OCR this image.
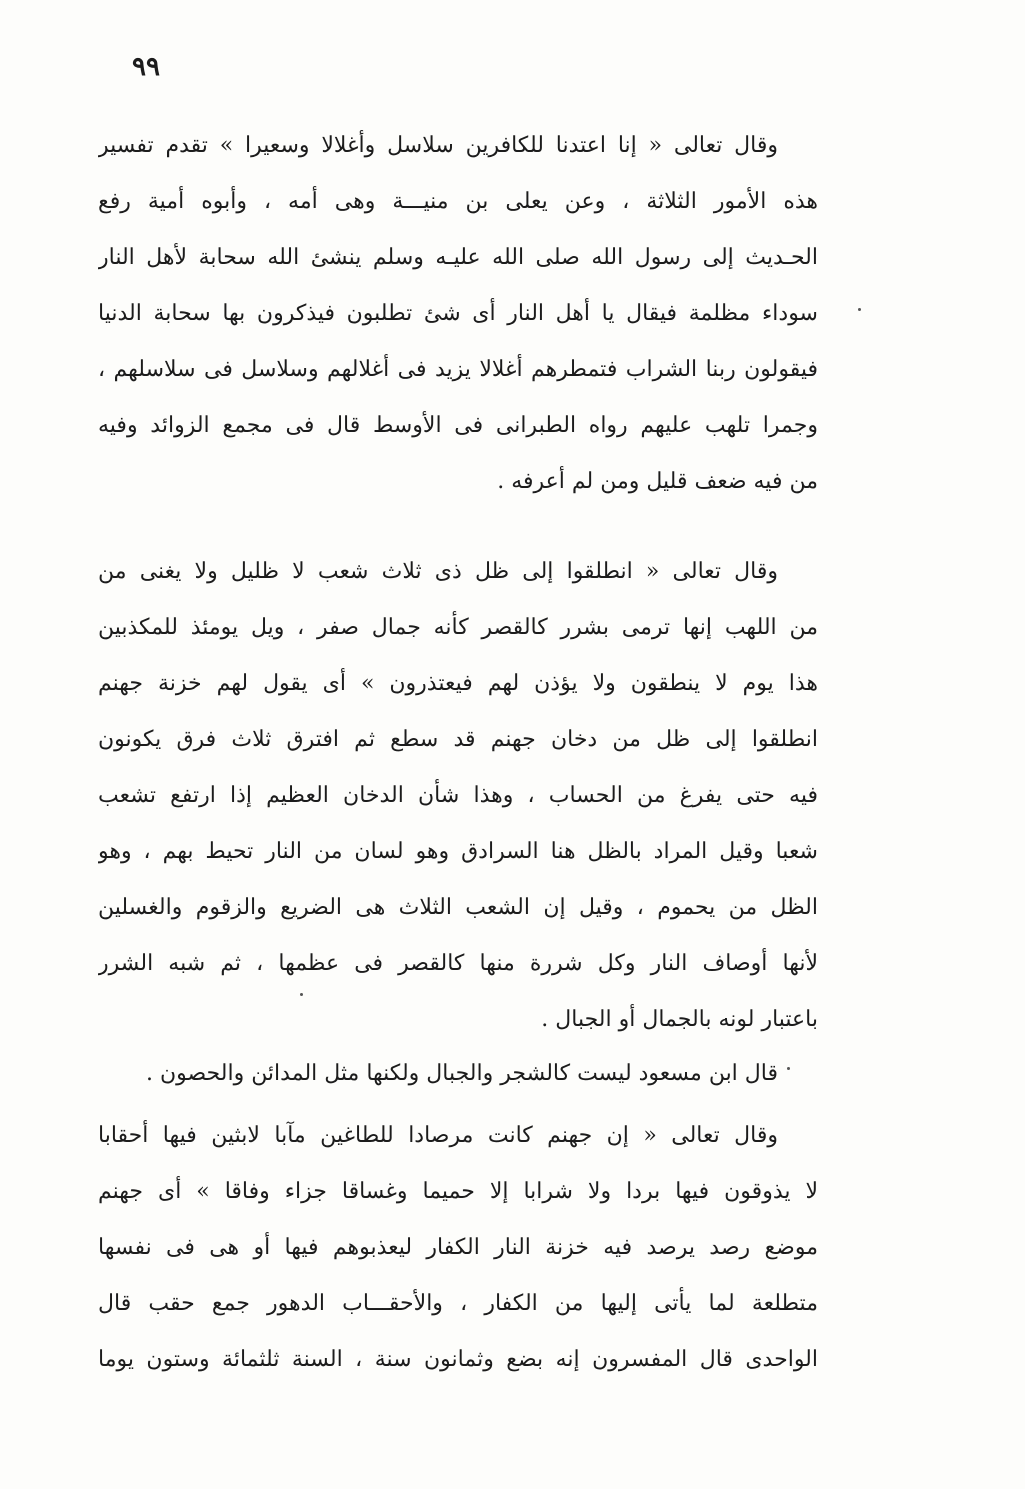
٩٩
وقال تعالى « إنا اعتدنا للكافرين سلاسل وأغلالا وسعيرا » تقدم تفسير
هذه الأمور الثلاثة ، وعن يعلى بن منيـــة وهى أمه ، وأبوه أمية رفع
الحـديث إلى رسول الله صلى الله عليـه وسلم ينشئ الله سحابة لأهل النار
سوداء مظلمة فيقال يا أهل النار أى شئ تطلبون فيذكرون بها سحابة الدنيا
فيقولون ربنا الشراب فتمطرهم أغلالا يزيد فى أغلالهم وسلاسل فى سلاسلهم ،
وجمرا تلهب عليهم رواه الطبرانى فى الأوسط قال فى مجمع الزوائد وفيه
من فيه ضعف قليل ومن لم أعرفه .
وقال تعالى « انطلقوا إلى ظل ذى ثلاث شعب لا ظليل ولا يغنى من
من اللهب إنها ترمى بشرر كالقصر كأنه جمال صفر ، ويل يومئذ للمكذبين
هذا يوم لا ينطقون ولا يؤذن لهم فيعتذرون » أى يقول لهم خزنة جهنم
انطلقوا إلى ظل من دخان جهنم قد سطع ثم افترق ثلاث فرق يكونون
فيه حتى يفرغ من الحساب ، وهذا شأن الدخان العظيم إذا ارتفع تشعب
شعبا وقيل المراد بالظل هنا السرادق وهو لسان من النار تحيط بهم ، وهو
الظل من يحموم ، وقيل إن الشعب الثلاث هى الضريع والزقوم والغسلين
لأنها أوصاف النار وكل شررة منها كالقصر فى عظمها ، ثم شبه الشرر
باعتبار لونه بالجمال أو الجبال .
قال ابن مسعود ليست كالشجر والجبال ولكنها مثل المدائن والحصون .
وقال تعالى « إن جهنم كانت مرصادا للطاغين مآبا لابثين فيها أحقابا
لا يذوقون فيها بردا ولا شرابا إلا حميما وغساقا جزاء وفاقا » أى جهنم
موضع رصد يرصد فيه خزنة النار الكفار ليعذبوهم فيها أو هى فى نفسها
متطلعة لما يأتى إليها من الكفار ، والأحقـــاب الدهور جمع حقب قال
الواحدى قال المفسرون إنه بضع وثمانون سنة ، السنة ثلثمائة وستون يوما
